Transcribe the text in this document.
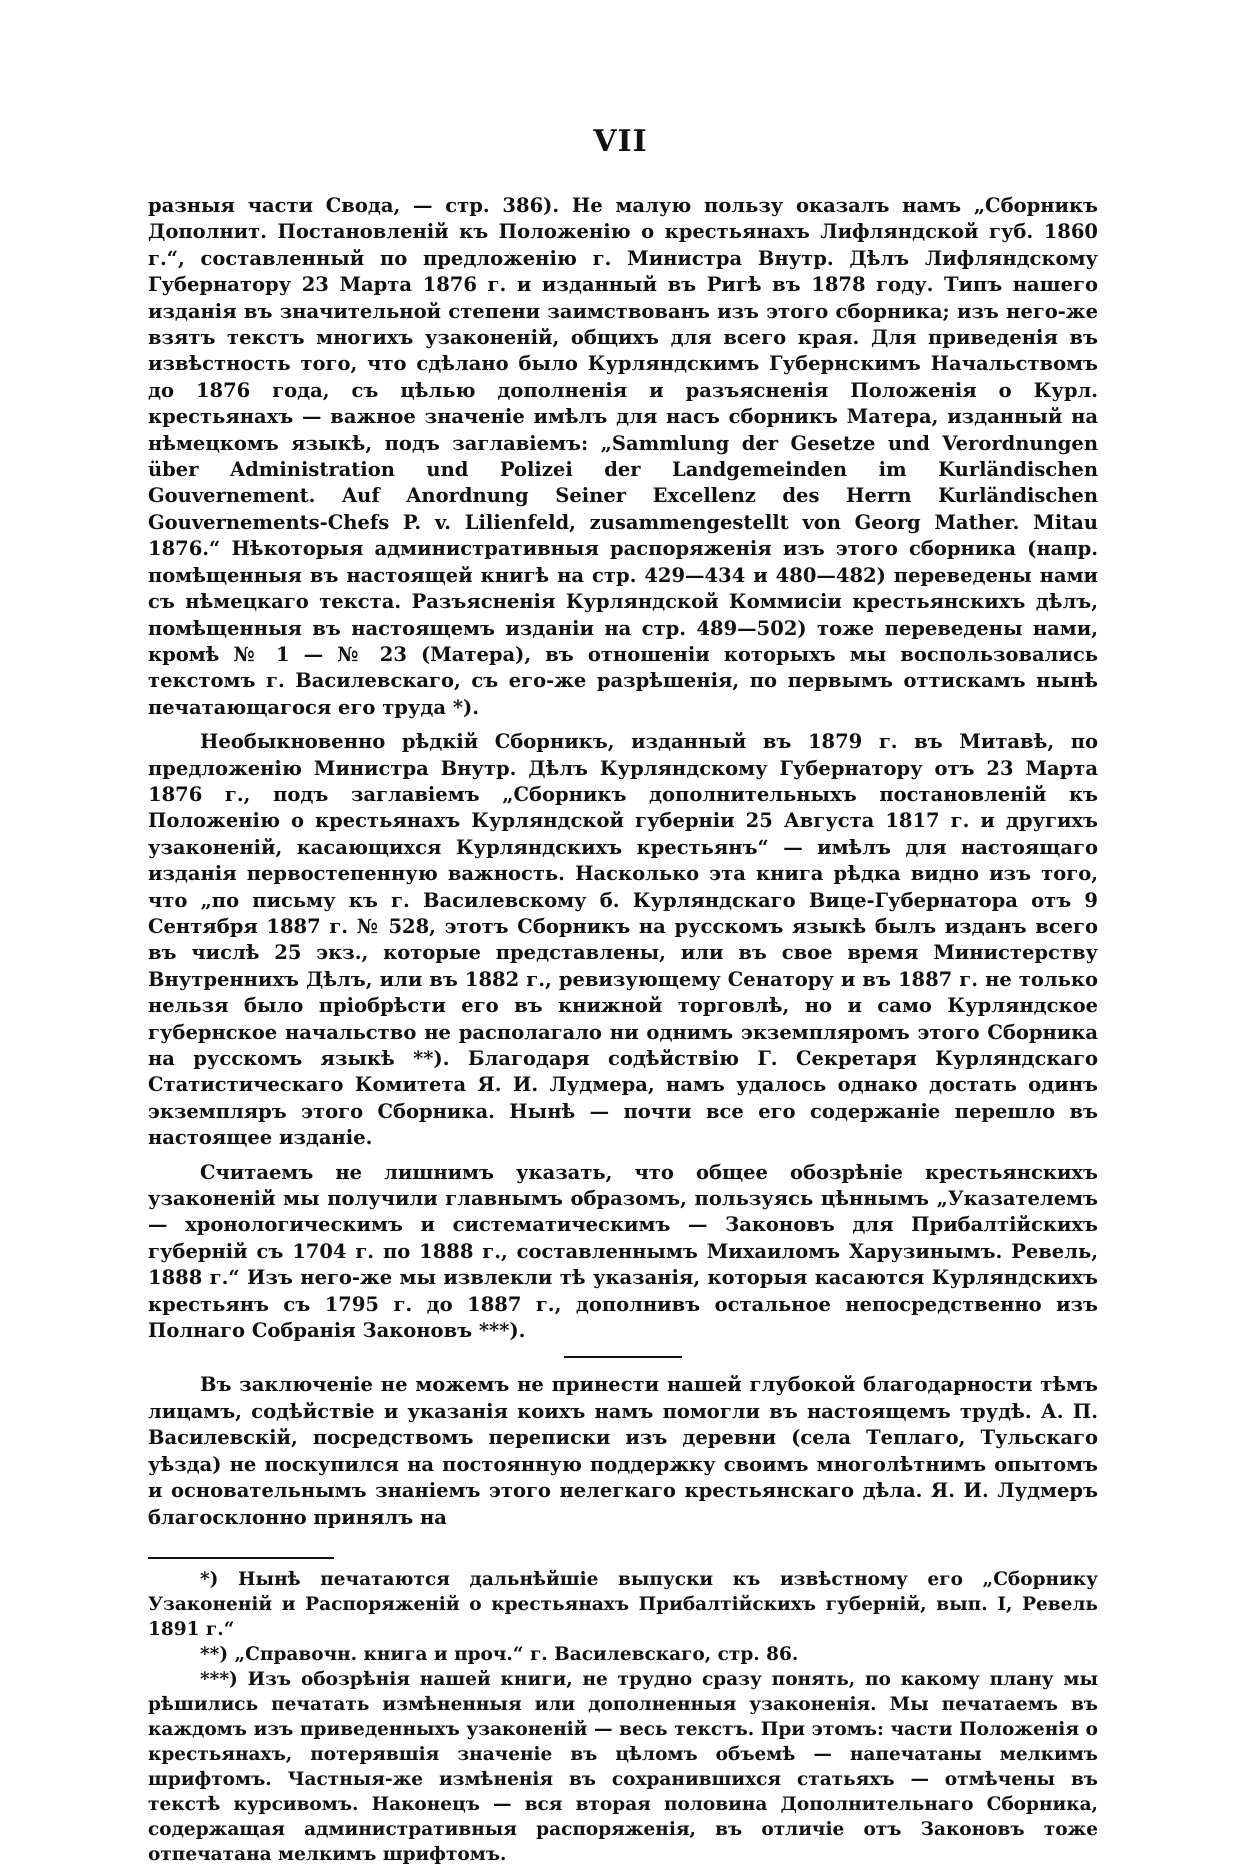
VII

разныя части Свода, — стр. 386). Не малую пользу оказалъ намъ „Сборникъ Дополнит. Постановленій къ Положенію о крестьянахъ Лифляндской губ. 1860 г.“, составленный по предложенію г. Министра Внутр. Дѣлъ Лифляндскому Губернатору 23 Марта 1876 г. и изданный въ Ригѣ въ 1878 году. Типъ нашего изданія въ значительной степени заимствованъ изъ этого сборника; изъ него-же взятъ текстъ многихъ узаконеній, общихъ для всего края. Для приведенія въ извѣстность того, что сдѣлано было Курляндскимъ Губернскимъ Начальствомъ до 1876 года, съ цѣлью дополненія и разъясненія Положенія о Курл. крестьянахъ — важное значеніе имѣлъ для насъ сборникъ Матера, изданный на нѣмецкомъ языкѣ, подъ заглавіемъ: „Sammlung der Gesetze und Verordnungen über Administration und Polizei der Landgemeinden im Kurländischen Gouvernement. Auf Anordnung Seiner Excellenz des Herrn Kurländischen Gouvernements-Chefs P. v. Lilienfeld, zusammengestellt von Georg Mather. Mitau 1876.“ Нѣкоторыя административныя распоряженія изъ этого сборника (напр. помѣщенныя въ настоящей книгѣ на стр. 429—434 и 480—482) переведены нами съ нѣмецкаго текста. Разъясненія Курляндской Коммисіи крестьянскихъ дѣлъ, помѣщенныя въ настоящемъ изданіи на стр. 489—502) тоже переведены нами, кромѣ № 1 — № 23 (Матера), въ отношеніи которыхъ мы воспользовались текстомъ г. Василевскаго, съ его-же разрѣшенія, по первымъ оттискамъ нынѣ печатающагося его труда *).

Необыкновенно рѣдкій Сборникъ, изданный въ 1879 г. въ Митавѣ, по предложенію Министра Внутр. Дѣлъ Курляндскому Губернатору отъ 23 Марта 1876 г., подъ заглавіемъ „Сборникъ дополнительныхъ постановленій къ Положенію о крестьянахъ Курляндской губерніи 25 Августа 1817 г. и другихъ узаконеній, касающихся Курляндскихъ крестьянъ“ — имѣлъ для настоящаго изданія первостепенную важность. Насколько эта книга рѣдка видно изъ того, что „по письму къ г. Василевскому б. Курляндскаго Вице-Губернатора отъ 9 Сентября 1887 г. № 528, этотъ Сборникъ на русскомъ языкѣ былъ изданъ всего въ числѣ 25 экз., которые представлены, или въ свое время Министерству Внутреннихъ Дѣлъ, или въ 1882 г., ревизующему Сенатору и въ 1887 г. не только нельзя было пріобрѣсти его въ книжной торговлѣ, но и само Курляндское губернское начальство не располагало ни однимъ экземпляромъ этого Сборника на русскомъ языкѣ **). Благодаря содѣйствію Г. Секретаря Курляндскаго Статистическаго Комитета Я. И. Лудмера, намъ удалось однако достать одинъ экземпляръ этого Сборника. Нынѣ — почти все его содержаніе перешло въ настоящее изданіе.

Считаемъ не лишнимъ указать, что общее обозрѣніе крестьянскихъ узаконеній мы получили главнымъ образомъ, пользуясь цѣннымъ „Указателемъ — хронологическимъ и систематическимъ — Законовъ для Прибалтійскихъ губерній съ 1704 г. по 1888 г., составленнымъ Михаиломъ Харузинымъ. Ревель, 1888 г.“ Изъ него-же мы извлекли тѣ указанія, которыя касаются Курляндскихъ крестьянъ съ 1795 г. до 1887 г., дополнивъ остальное непосредственно изъ Полнаго Собранія Законовъ ***).

Въ заключеніе не можемъ не принести нашей глубокой благодарности тѣмъ лицамъ, содѣйствіе и указанія коихъ намъ помогли въ настоящемъ трудѣ. А. П. Василевскій, посредствомъ переписки изъ деревни (села Теплаго, Тульскаго уѣзда) не поскупился на постоянную поддержку своимъ многолѣтнимъ опытомъ и основательнымъ знаніемъ этого нелегкаго крестьянскаго дѣла. Я. И. Лудмеръ благосклонно принялъ на

*) Нынѣ печатаются дальнѣйшіе выпуски къ извѣстному его „Сборнику Узаконеній и Распоряженій о крестьянахъ Прибалтійскихъ губерній, вып. I, Ревель 1891 г.“

**) „Справочн. книга и проч.“ г. Василевскаго, стр. 86.

***) Изъ обозрѣнія нашей книги, не трудно сразу понять, по какому плану мы рѣшились печатать измѣненныя или дополненныя узаконенія. Мы печатаемъ въ каждомъ изъ приведенныхъ узаконеній — весь текстъ. При этомъ: части Положенія о крестьянахъ, потерявшія значеніе въ цѣломъ объемѣ — напечатаны мелкимъ шрифтомъ. Частныя-же измѣненія въ сохранившихся статьяхъ — отмѣчены въ текстѣ курсивомъ. Наконецъ — вся вторая половина Дополнительнаго Сборника, содержащая административныя распоряженія, въ отличіе отъ Законовъ тоже отпечатана мелкимъ шрифтомъ.
